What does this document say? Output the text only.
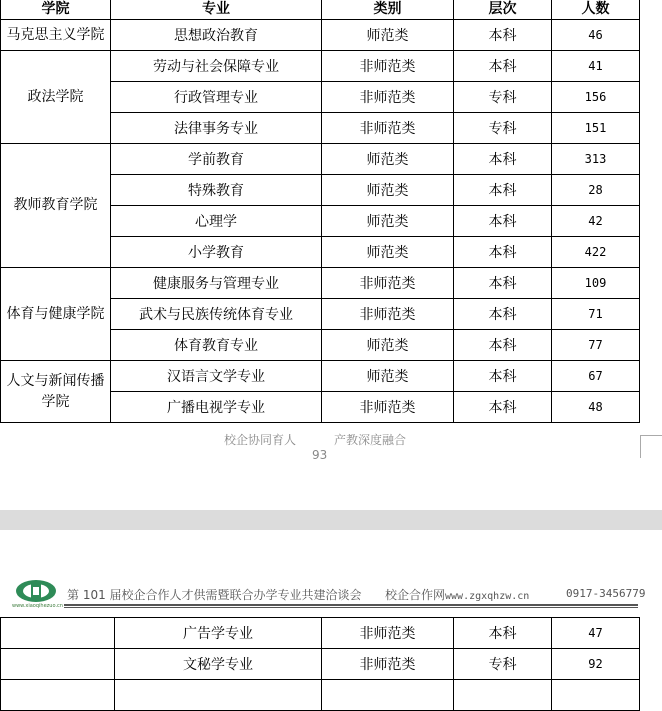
学院	专业	类别	层次	人数
马克思主义学院	思想政治教育	师范类	本科	46
政法学院	劳动与社会保障专业	非师范类	本科	41
	行政管理专业	非师范类	专科	156
	法律事务专业	非师范类	专科	151
教师教育学院	学前教育	师范类	本科	313
	特殊教育	师范类	本科	28
	心理学	师范类	本科	42
	小学教育	师范类	本科	422
体育与健康学院	健康服务与管理专业	非师范类	本科	109
	武术与民族传统体育专业	非师范类	本科	71
	体育教育专业	师范类	本科	77
人文与新闻传播学院	汉语言文学专业	师范类	本科	67
	广播电视学专业	非师范类	本科	48
校企协同育人	产教深度融合
93
www.xiaoqihezuo.cn
第 101 届校企合作人才供需暨联合办学专业共建洽谈会 校企合作网www.zgxqhzw.cn	0917-3456779
	广告学专业	非师范类	本科	47
	文秘学专业	非师范类	专科	92
